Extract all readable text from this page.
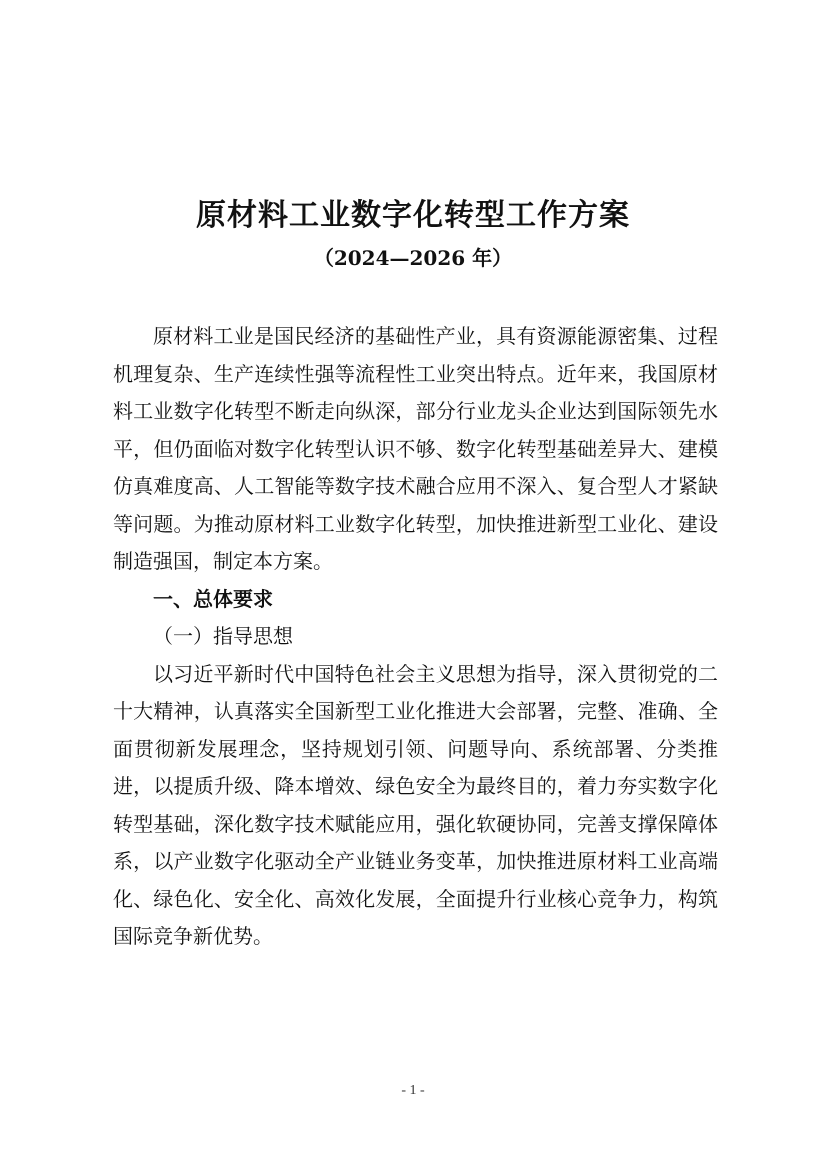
原材料工业数字化转型工作方案
（2024—2026 年）

原材料工业是国民经济的基础性产业，具有资源能源密集、过程机理复杂、生产连续性强等流程性工业突出特点。近年来，我国原材料工业数字化转型不断走向纵深，部分行业龙头企业达到国际领先水平，但仍面临对数字化转型认识不够、数字化转型基础差异大、建模仿真难度高、人工智能等数字技术融合应用不深入、复合型人才紧缺等问题。为推动原材料工业数字化转型，加快推进新型工业化、建设制造强国，制定本方案。

一、总体要求

（一）指导思想

以习近平新时代中国特色社会主义思想为指导，深入贯彻党的二十大精神，认真落实全国新型工业化推进大会部署，完整、准确、全面贯彻新发展理念，坚持规划引领、问题导向、系统部署、分类推进，以提质升级、降本增效、绿色安全为最终目的，着力夯实数字化转型基础，深化数字技术赋能应用，强化软硬协同，完善支撑保障体系，以产业数字化驱动全产业链业务变革，加快推进原材料工业高端化、绿色化、安全化、高效化发展，全面提升行业核心竞争力，构筑国际竞争新优势。

- 1 -
